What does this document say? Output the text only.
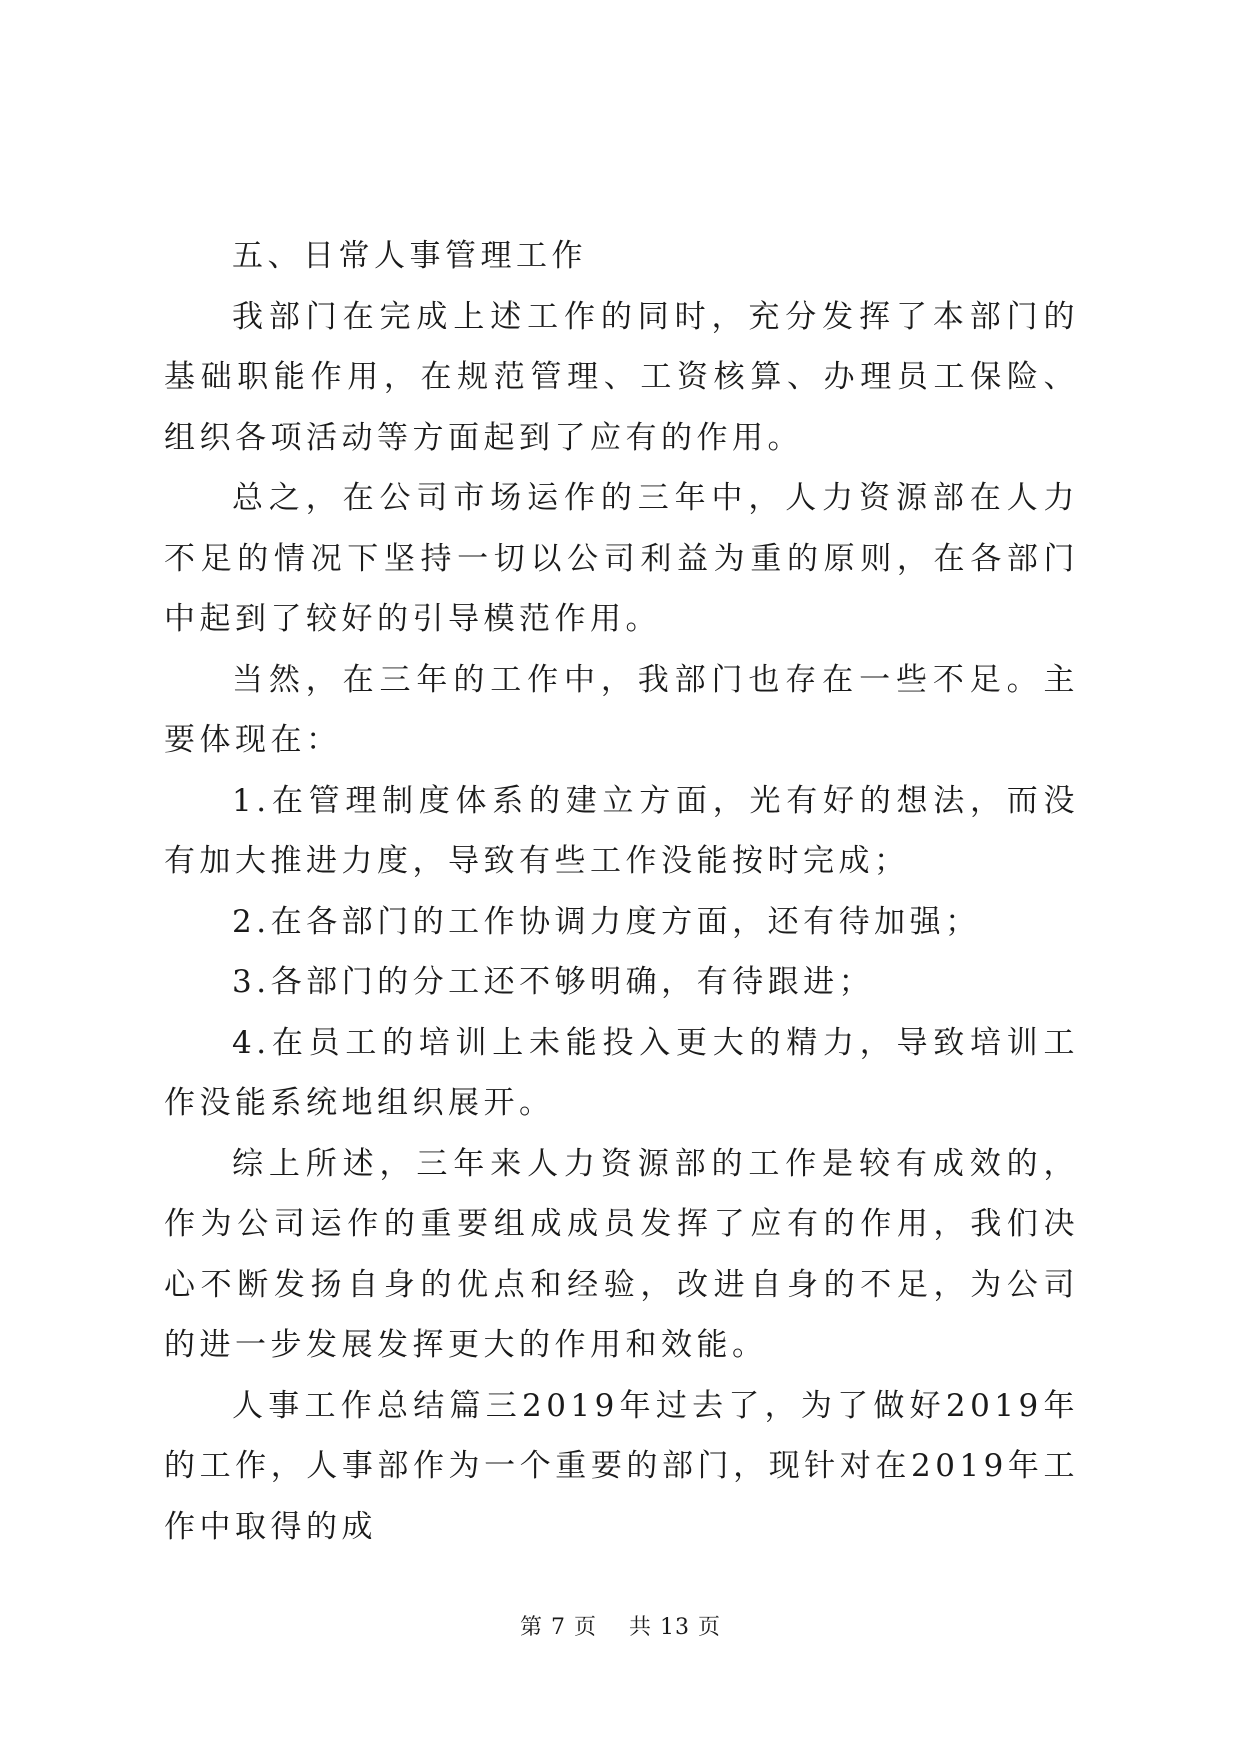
五、日常人事管理工作

我部门在完成上述工作的同时，充分发挥了本部门的基础职能作用，在规范管理、工资核算、办理员工保险、组织各项活动等方面起到了应有的作用。

总之，在公司市场运作的三年中，人力资源部在人力不足的情况下坚持一切以公司利益为重的原则，在各部门中起到了较好的引导模范作用。

当然，在三年的工作中，我部门也存在一些不足。主要体现在：

1.在管理制度体系的建立方面，光有好的想法，而没有加大推进力度，导致有些工作没能按时完成；

2.在各部门的工作协调力度方面，还有待加强；

3.各部门的分工还不够明确，有待跟进；

4.在员工的培训上未能投入更大的精力，导致培训工作没能系统地组织展开。

综上所述，三年来人力资源部的工作是较有成效的，作为公司运作的重要组成成员发挥了应有的作用，我们决心不断发扬自身的优点和经验，改进自身的不足，为公司的进一步发展发挥更大的作用和效能。

人事工作总结篇三2019年过去了，为了做好2019年的工作，人事部作为一个重要的部门，现针对在2019年工作中取得的成

第 7 页 共 13 页
